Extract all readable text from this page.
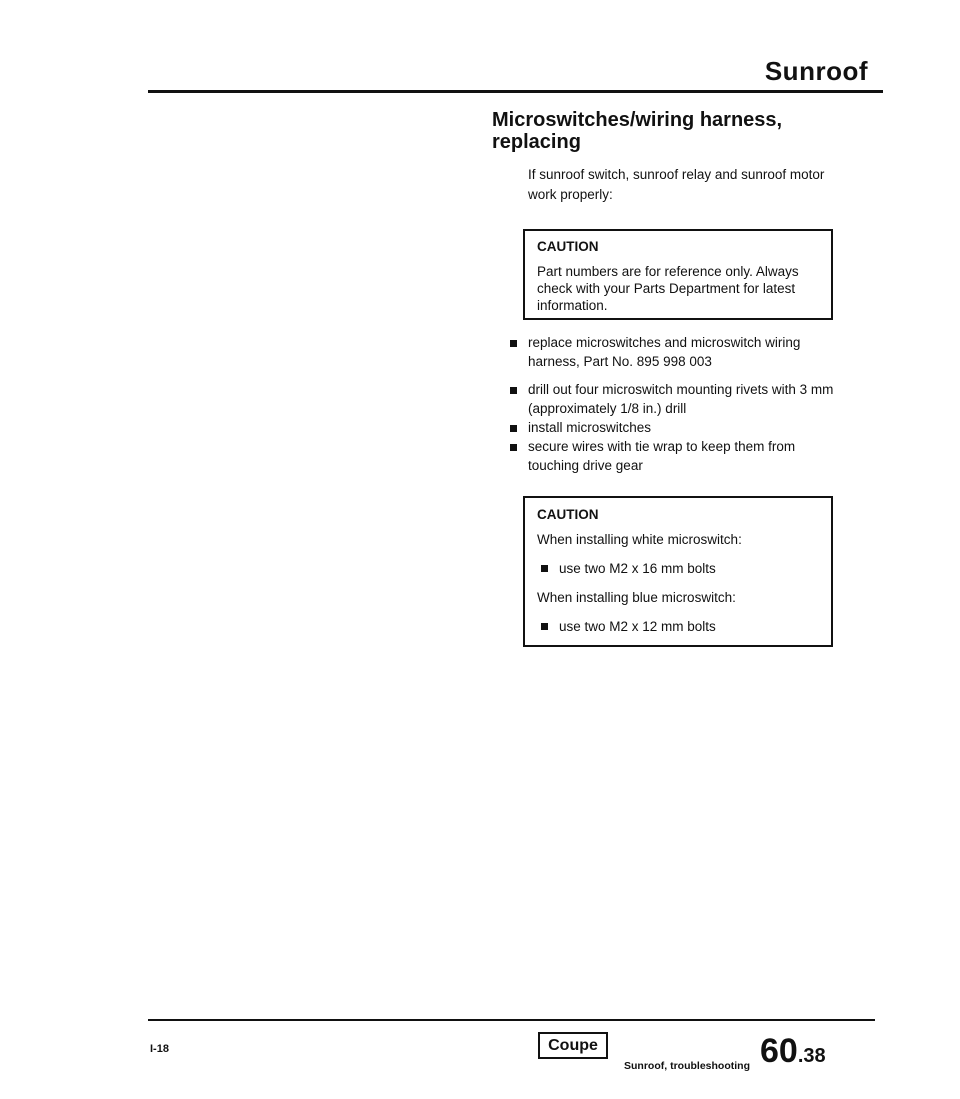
Sunroof
Microswitches/wiring harness, replacing
If sunroof switch, sunroof relay and sunroof motor work properly:
CAUTION
Part numbers are for reference only. Always check with your Parts Department for latest information.
replace microswitches and microswitch wiring harness, Part No. 895 998 003
drill out four microswitch mounting rivets with 3 mm (approximately 1/8 in.) drill
install microswitches
secure wires with tie wrap to keep them from touching drive gear
CAUTION
When installing white microswitch:
use two M2 x 16 mm bolts
When installing blue microswitch:
use two M2 x 12 mm bolts
I-18	Coupe
Sunroof, troubleshooting 60.38
